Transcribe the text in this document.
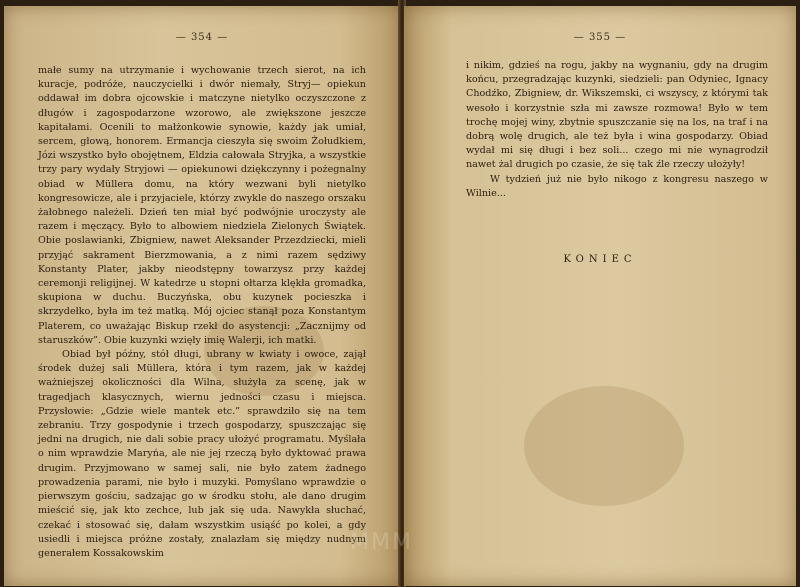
— 354 —

małe sumy na utrzymanie i wychowanie trzech sierot, na ich kuracje, podróże, nauczycielki i dwór niemały, Stryj— opiekun oddawał im dobra ojcowskie i matczyne nietylko oczyszczone z długów i zagospodarzone wzorowo, ale zwiększone jeszcze kapitałami. Ocenili to małżonkowie synowie, każdy jak umiał, sercem, głową, honorem. Ermancja cieszyła się swoim Żołudkiem, Józi wszystko było obojętnem, Eldzia całowała Stryjka, a wszystkie trzy pary wydały Stryjowi — opiekunowi dziękczynny i pożegnalny obiad w Müllera domu, na który wezwani byli nietylko kongresowicze, ale i przyjaciele, którzy zwykle do naszego orszaku żałobnego należeli. Dzień ten miał być podwójnie uroczysty ale razem i męczący. Było to albowiem niedziela Zielonych Świątek. Obie poslawianki, Zbigniew, nawet Aleksander Przezdziecki, mieli przyjąć sakrament Bierzmowania, a z nimi razem sędziwy Konstanty Plater, jakby nieodstępny towarzysz przy każdej ceremonji religijnej. W katedrze u stopni ołtarza klękła gromadka, skupiona w duchu. Buczyńska, obu kuzynek pocieszka i skrzydełko, była im też matką. Mój ojciec stanął poza Konstantym Platerem, co uważając Biskup rzekł do asystencji: „Zacznijmy od staruszków”. Obie kuzynki wzięły imię Walerji, ich matki.

Obiad był późny, stół długi, ubrany w kwiaty i owoce, zajął środek dużej sali Müllera, która i tym razem, jak w każdej ważniejszej okoliczności dla Wilna, służyła za scenę, jak w tragedjach klasycznych, wiernu jedności czasu i miejsca. Przysłowie: „Gdzie wiele mantek etc.” sprawdziło się na tem zebraniu. Trzy gospodynie i trzech gospodarzy, spuszczając się jedni na drugich, nie dali sobie pracy ułożyć programatu. Myślała o nim wprawdzie Maryńa, ale nie jej rzeczą było dyktować prawa drugim. Przyjmowano w samej sali, nie było zatem żadnego prowadzenia parami, nie było i muzyki. Pomyślano wprawdzie o pierwszym gościu, sadzając go w środku stołu, ale dano drugim mieścić się, jak kto zechce, lub jak się uda. Nawykła słuchać, czekać i stosować się, dałam wszystkim usiąść po kolei, a gdy usiedli i miejsca próżne zostały, znalazłam się między nudnym generałem Kossakowskim

— 355 —

i nikim, gdzieś na rogu, jakby na wygnaniu, gdy na drugim końcu, przegradzając kuzynki, siedzieli: pan Odyniec, Ignacy Chodźko, Zbigniew, dr. Wikszemski, ci wszyscy, z którymi tak wesoło i korzystnie szła mi zawsze rozmowa! Było w tem trochę mojej winy, zbytnie spuszczanie się na los, na traf i na dobrą wolę drugich, ale też była i wina gospodarzy. Obiad wydał mi się długi i bez soli... czego mi nie wynagrodził nawet żal drugich po czasie, że się tak źle rzeczy ułożyły!

W tydzień już nie było nikogo z kongresu naszego w Wilnie...

KONIEC
MMM
